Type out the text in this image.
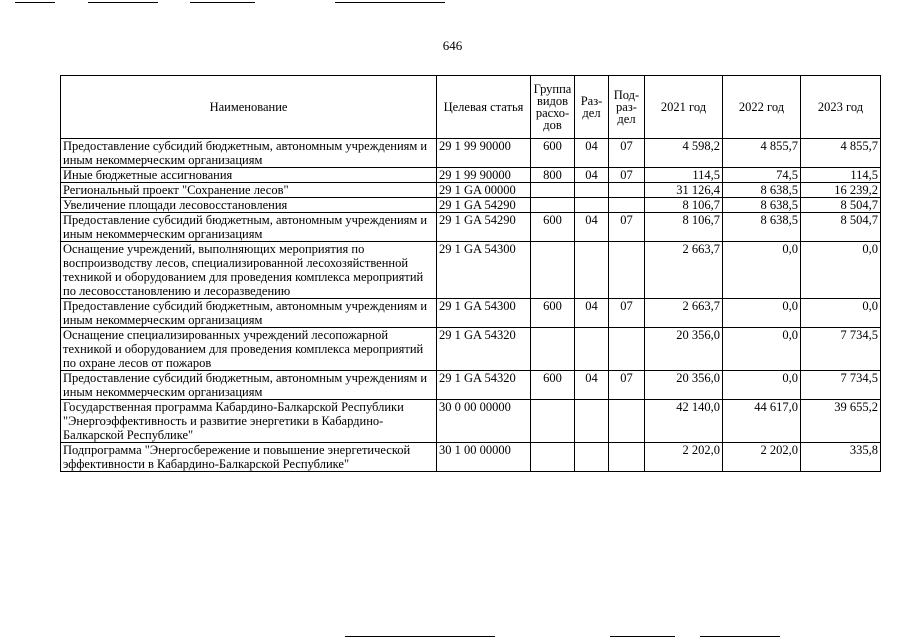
646
Наименование	Целевая статья	Группа видов расхо-дов	Раз-дел	Под-раз-дел	2021 год	2022 год	2023 год
Предоставление субсидий бюджетным, автономным учреждениям и иным некоммерческим организациям	29 1 99 90000	600	04	07	4 598,2	4 855,7	4 855,7
Иные бюджетные ассигнования	29 1 99 90000	800	04	07	114,5	74,5	114,5
Региональный проект "Сохранение лесов"	29 1 GA 00000				31 126,4	8 638,5	16 239,2
Увеличение площади лесовосстановления	29 1 GA 54290				8 106,7	8 638,5	8 504,7
Предоставление субсидий бюджетным, автономным учреждениям и иным некоммерческим организациям	29 1 GA 54290	600	04	07	8 106,7	8 638,5	8 504,7
Оснащение учреждений, выполняющих мероприятия по воспроизводству лесов, специализированной лесохозяйственной техникой и оборудованием для проведения комплекса мероприятий по лесовосстановлению и лесоразведению	29 1 GA 54300				2 663,7	0,0	0,0
Предоставление субсидий бюджетным, автономным учреждениям и иным некоммерческим организациям	29 1 GA 54300	600	04	07	2 663,7	0,0	0,0
Оснащение специализированных учреждений лесопожарной техникой и оборудованием для проведения комплекса мероприятий по охране лесов от пожаров	29 1 GA 54320				20 356,0	0,0	7 734,5
Предоставление субсидий бюджетным, автономным учреждениям и иным некоммерческим организациям	29 1 GA 54320	600	04	07	20 356,0	0,0	7 734,5
Государственная программа Кабардино-Балкарской Республики "Энергоэффективность и развитие энергетики в Кабардино-Балкарской Республике"	30 0 00 00000				42 140,0	44 617,0	39 655,2
Подпрограмма "Энергосбережение и повышение энергетической эффективности в Кабардино-Балкарской Республике"	30 1 00 00000				2 202,0	2 202,0	335,8
